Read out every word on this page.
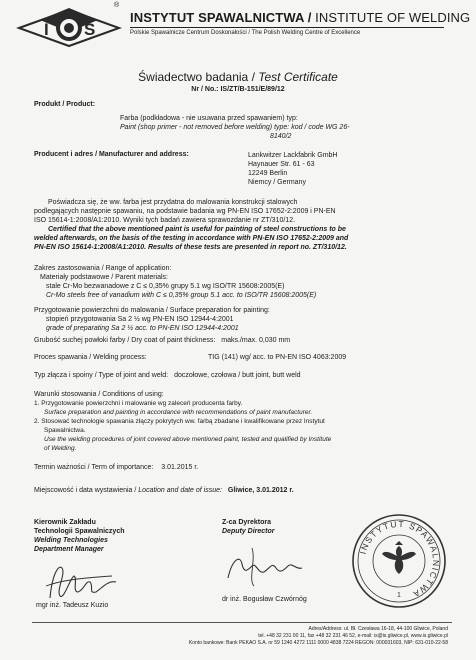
I S
®
INSTYTUT SPAWALNICTWA / INSTITUTE OF WELDING
Polskie Spawalnicze Centrum Doskonałości / The Polish Welding Centre of Excellence
Świadectwo badania / Test Certificate
Nr / No.: IS/ZT/B-151/E/89/12
Produkt / Product:
Farba (podkładowa - nie usuwana przed spawaniem) typ:
Paint (shop primer - not removed before welding) type: kod / code WG 26-
8140/2
Producent i adres / Manufacturer and address:	Lankwitzer Lackfabrik GmbH
Haynauer Str. 61 - 63
12249 Berlin
Niemcy / Germany
Poświadcza się, że ww. farba jest przydatna do malowania konstrukcji stalowych
podlegających następnie spawaniu, na podstawie badania wg PN-EN ISO 17652-2:2009 i PN-EN
ISO 15614-1:2008/A1:2010. Wyniki tych badań zawiera sprawozdanie nr ZT/310/12.
Certified that the above mentioned paint is useful for painting of steel constructions to be
welded afterwards, on the basis of the testing in accordance with PN-EN ISO 17652-2:2009 and
PN-EN ISO 15614-1:2008/A1:2010. Results of these tests are presented in report no. ZT/310/12.
Zakres zastosowania / Range of application:
Materiały podstawowe / Parent materials:
stale Cr-Mo bezwanadowe z C ≤ 0,35% grupy 5.1 wg ISO/TR 15608:2005(E)
Cr-Mo steels free of vanadium with C ≤ 0,35% group 5.1 acc. to ISO/TR 15608:2005(E)
Przygotowanie powierzchni do malowania / Surface preparation for painting:
stopień przygotowania Sa 2 ½ wg PN-EN ISO 12944-4:2001
grade of preparating Sa 2 ½ acc. to PN-EN ISO 12944-4:2001
Grubość suchej powłoki farby / Dry coat of paint thickness: maks./max. 0,030 mm
Proces spawania / Welding process:	TIG (141) wg/ acc. to PN-EN ISO 4063:2009
Typ złącza i spoiny / Type of joint and weld: doczołowe, czołowa / butt joint, butt weld
Warunki stosowania / Conditions of using:
1. Przygotowanie powierzchni i malowanie wg zaleceń producenta farby.
Surface preparation and painting in accordance with recommendations of paint manufacturer.
2. Stosować technologie spawania złączy pokrytych ww. farbą zbadane i kwalifikowane przez Instytut
Spawalnictwa.
Use the welding procedures of joint covered above mentioned paint, tested and qualified by Institute
of Welding.
Termin ważności / Term of importance: 3.01.2015 r.
Miejscowość i data wystawienia / Location and date of issue: Gliwice, 3.01.2012 r.
Kierownik Zakładu
Technologii Spawalniczych
Welding Technologies
Department Manager
mgr inż. Tadeusz Kuzio
Z-ca Dyrektora
Deputy Director
dr inż. Bogusław Czwórnóg
INSTYTUT SPAWALNICTWA
1
Adres/Address: ul. Bł. Czesława 16-18, 44-100 Gliwice, Poland
tel. +48 32 231 00 11, fax +48 32 231 46 52, e-mail: is@is.gliwice.pl, www.is.gliwice.pl
Konto bankowe: Bank PEKAO S.A. nr 59 1240 4272 1111 0000 4838 7224 REGON: 000031603, NIP: 631-010-22-58
